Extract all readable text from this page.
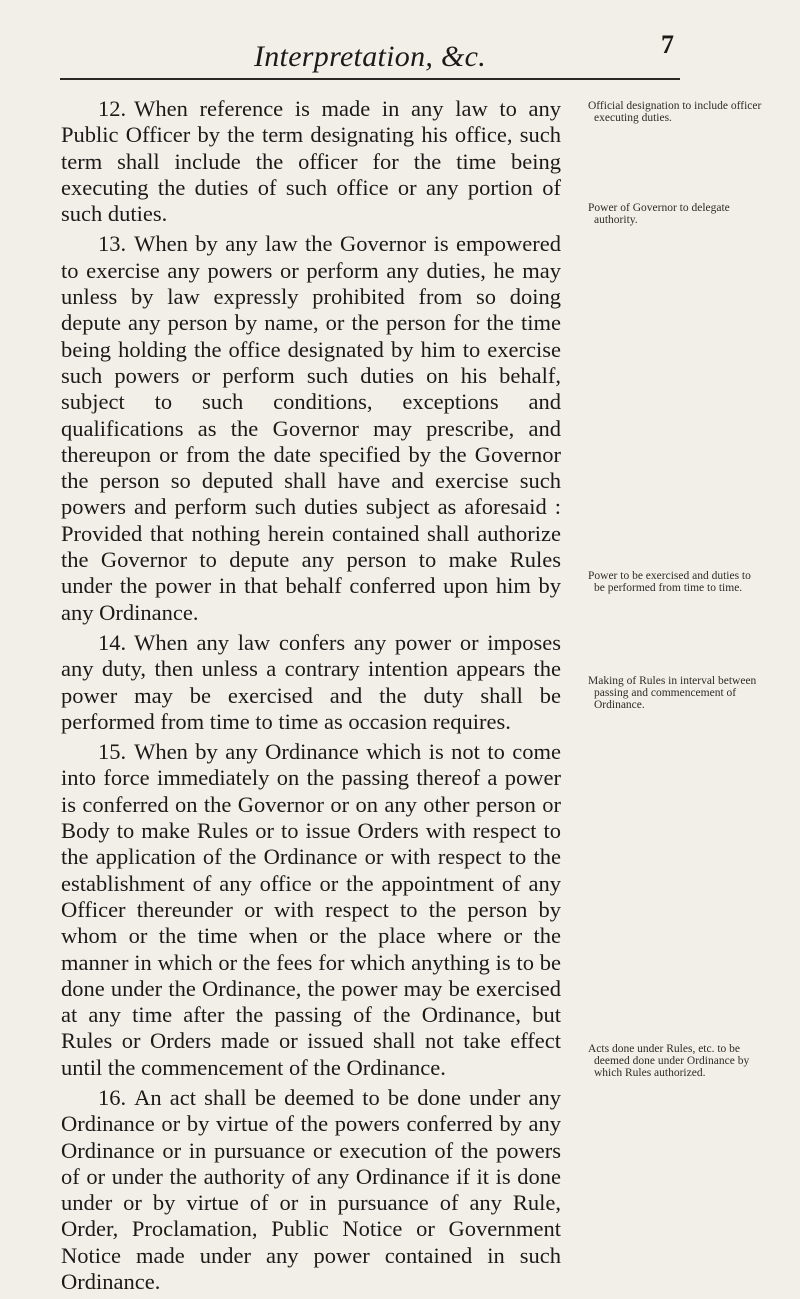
Interpretation, &c.	7

12. When reference is made in any law to any Public Officer by the term designating his office, such term shall include the officer for the time being executing the duties of such office or any portion of such duties.

13. When by any law the Governor is empowered to exercise any powers or perform any duties, he may unless by law expressly prohibited from so doing depute any person by name, or the person for the time being holding the office designated by him to exercise such powers or perform such duties on his behalf, subject to such conditions, exceptions and qualifications as the Governor may prescribe, and thereupon or from the date specified by the Governor the person so deputed shall have and exercise such powers and perform such duties subject as aforesaid : Provided that nothing herein contained shall authorize the Governor to depute any person to make Rules under the power in that behalf conferred upon him by any Ordinance.

14. When any law confers any power or imposes any duty, then unless a contrary intention appears the power may be exercised and the duty shall be performed from time to time as occasion requires.

15. When by any Ordinance which is not to come into force immediately on the passing thereof a power is conferred on the Governor or on any other person or Body to make Rules or to issue Orders with respect to the application of the Ordinance or with respect to the establishment of any office or the appointment of any Officer thereunder or with respect to the person by whom or the time when or the place where or the manner in which or the fees for which anything is to be done under the Ordinance, the power may be exercised at any time after the passing of the Ordinance, but Rules or Orders made or issued shall not take effect until the commencement of the Ordinance.

16. An act shall be deemed to be done under any Ordinance or by virtue of the powers conferred by any Ordinance or in pursuance or execution of the powers of or under the authority of any Ordinance if it is done under or by virtue of or in pursuance of any Rule, Order, Proclamation, Public Notice or Government Notice made under any power contained in such Ordinance.

Official designation to include officer executing duties.
Power of Governor to delegate authority.
Power to be exercised and duties to be performed from time to time.
Making of Rules in interval between passing and commencement of Ordinance.
Acts done under Rules, etc. to be deemed done under Ordinance by which Rules authorized.
